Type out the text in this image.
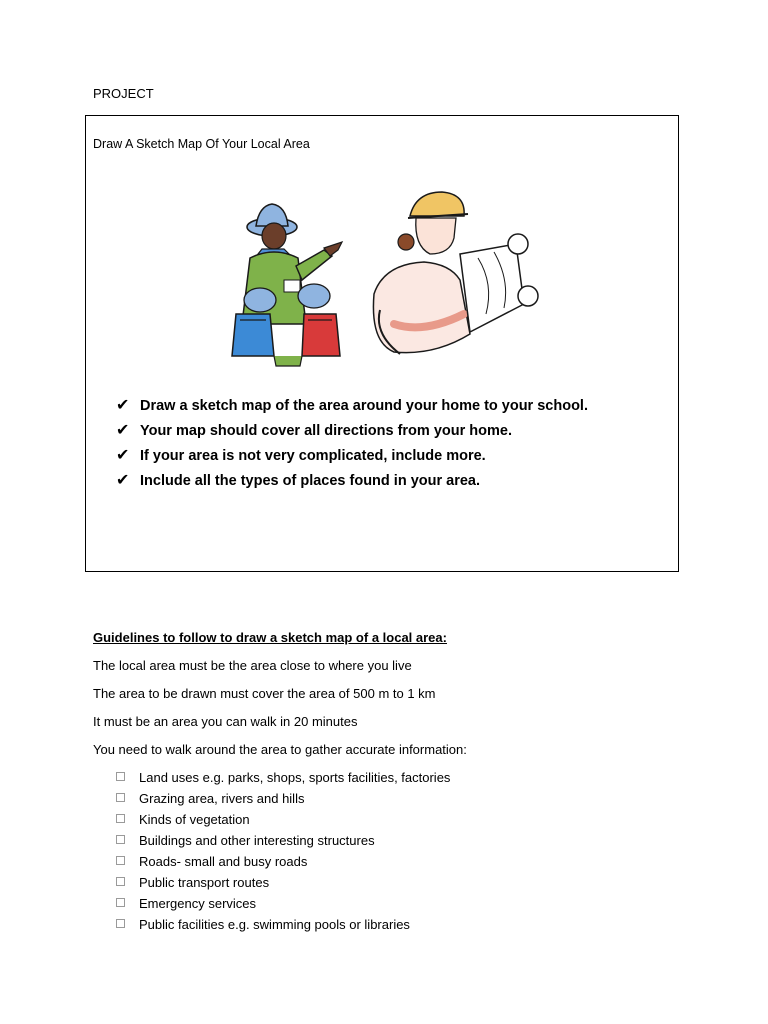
PROJECT
Draw A Sketch Map Of Your Local Area
✔ Draw a sketch map of the area around your home to your school.
✔ Your map should cover all directions from your home.
✔ If your area is not very complicated, include more.
✔ Include all the types of places found in your area.
Guidelines to follow to draw a sketch map of a local area:
The local area must be the area close to where you live
The area to be drawn must cover the area of 500 m to 1 km
It must be an area you can walk in 20 minutes
You need to walk around the area to gather accurate information:
Land uses e.g. parks, shops, sports facilities, factories
Grazing area, rivers and hills
Kinds of vegetation
Buildings and other interesting structures
Roads- small and busy roads
Public transport routes
Emergency services
Public facilities e.g. swimming pools or libraries
